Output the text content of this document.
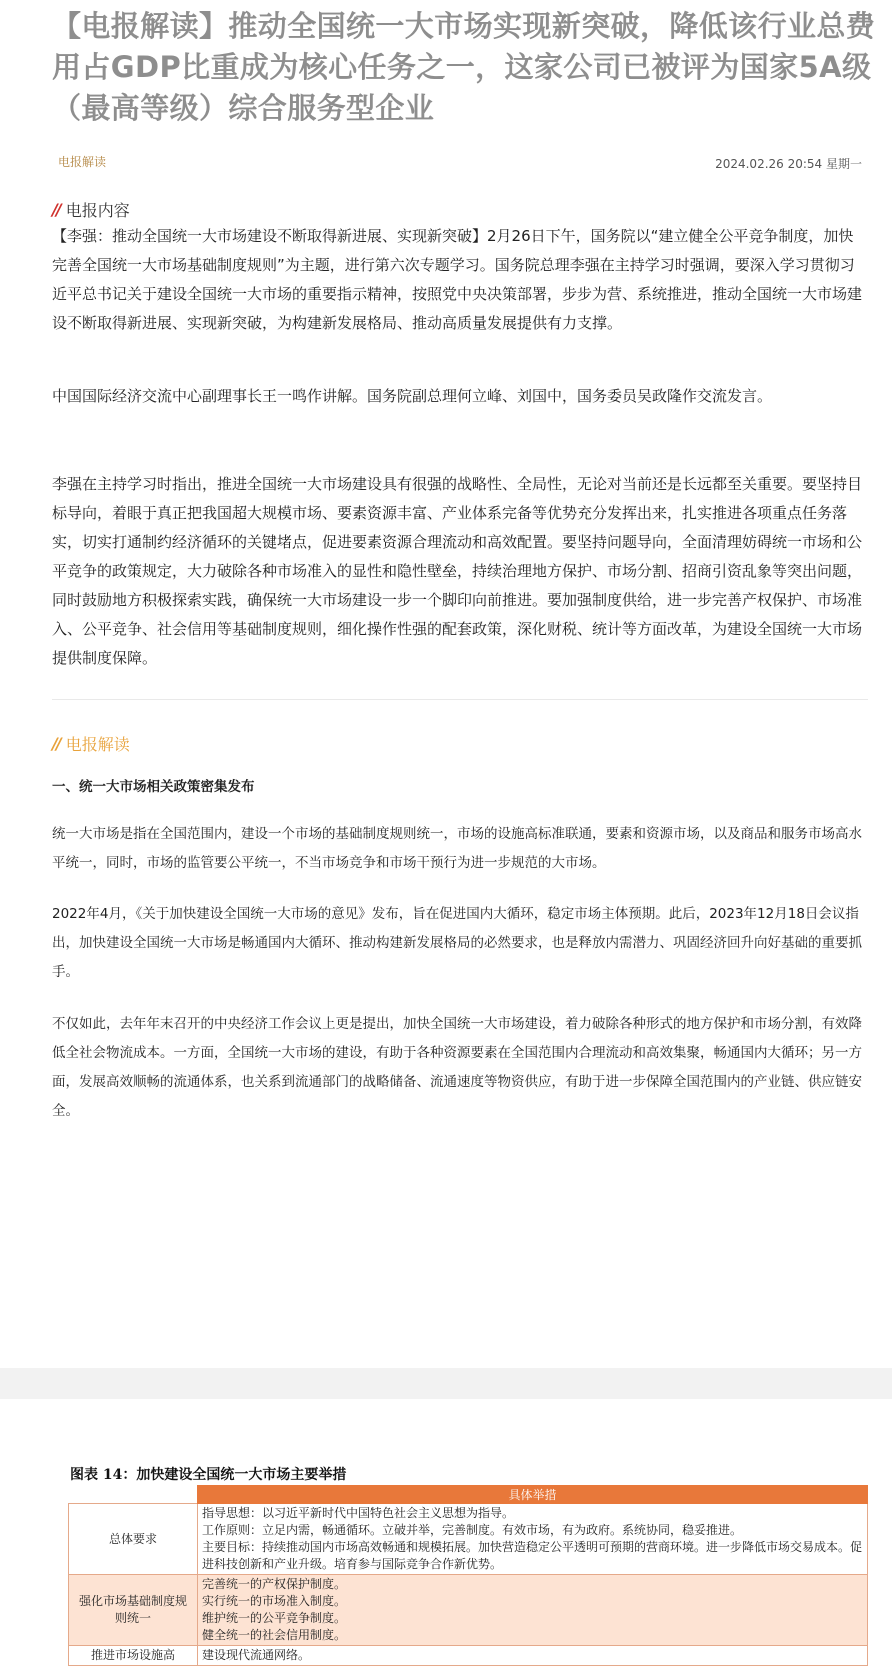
【电报解读】推动全国统一大市场实现新突破，降低该行业总费用占GDP比重成为核心任务之一，这家公司已被评为国家5A级（最高等级）综合服务型企业
电报解读	2024.02.26 20:54 星期一
// 电报内容
【李强：推动全国统一大市场建设不断取得新进展、实现新突破】2月26日下午，国务院以“建立健全公平竞争制度，加快完善全国统一大市场基础制度规则”为主题，进行第六次专题学习。国务院总理李强在主持学习时强调，要深入学习贯彻习近平总书记关于建设全国统一大市场的重要指示精神，按照党中央决策部署，步步为营、系统推进，推动全国统一大市场建设不断取得新进展、实现新突破，为构建新发展格局、推动高质量发展提供有力支撑。
中国国际经济交流中心副理事长王一鸣作讲解。国务院副总理何立峰、刘国中，国务委员吴政隆作交流发言。
李强在主持学习时指出，推进全国统一大市场建设具有很强的战略性、全局性，无论对当前还是长远都至关重要。要坚持目标导向，着眼于真正把我国超大规模市场、要素资源丰富、产业体系完备等优势充分发挥出来，扎实推进各项重点任务落实，切实打通制约经济循环的关键堵点，促进要素资源合理流动和高效配置。要坚持问题导向，全面清理妨碍统一市场和公平竞争的政策规定，大力破除各种市场准入的显性和隐性壁垒，持续治理地方保护、市场分割、招商引资乱象等突出问题，同时鼓励地方积极探索实践，确保统一大市场建设一步一个脚印向前推进。要加强制度供给，进一步完善产权保护、市场准入、公平竞争、社会信用等基础制度规则，细化操作性强的配套政策，深化财税、统计等方面改革，为建设全国统一大市场提供制度保障。
// 电报解读
一、统一大市场相关政策密集发布
统一大市场是指在全国范围内，建设一个市场的基础制度规则统一，市场的设施高标准联通，要素和资源市场，以及商品和服务市场高水平统一，同时，市场的监管要公平统一，不当市场竞争和市场干预行为进一步规范的大市场。
2022年4月，《关于加快建设全国统一大市场的意见》发布，旨在促进国内大循环，稳定市场主体预期。此后，2023年12月18日会议指出，加快建设全国统一大市场是畅通国内大循环、推动构建新发展格局的必然要求，也是释放内需潜力、巩固经济回升向好基础的重要抓手。
不仅如此，去年年末召开的中央经济工作会议上更是提出，加快全国统一大市场建设，着力破除各种形式的地方保护和市场分割，有效降低全社会物流成本。一方面，全国统一大市场的建设，有助于各种资源要素在全国范围内合理流动和高效集聚，畅通国内大循环；另一方面，发展高效顺畅的流通体系，也关系到流通部门的战略储备、流通速度等物资供应，有助于进一步保障全国范围内的产业链、供应链安全。
图表 14：加快建设全国统一大市场主要举措
	具体举措
总体要求	指导思想：以习近平新时代中国特色社会主义思想为指导。
工作原则：立足内需，畅通循环。立破并举，完善制度。有效市场，有为政府。系统协同，稳妥推进。
主要目标：持续推动国内市场高效畅通和规模拓展。加快营造稳定公平透明可预期的营商环境。进一步降低市场交易成本。促进科技创新和产业升级。培育参与国际竞争合作新优势。

强化市场基础制度规则统一	完善统一的产权保护制度。
实行统一的市场准入制度。
维护统一的公平竞争制度。
健全统一的社会信用制度。

推进市场设施高	建设现代流通网络。
